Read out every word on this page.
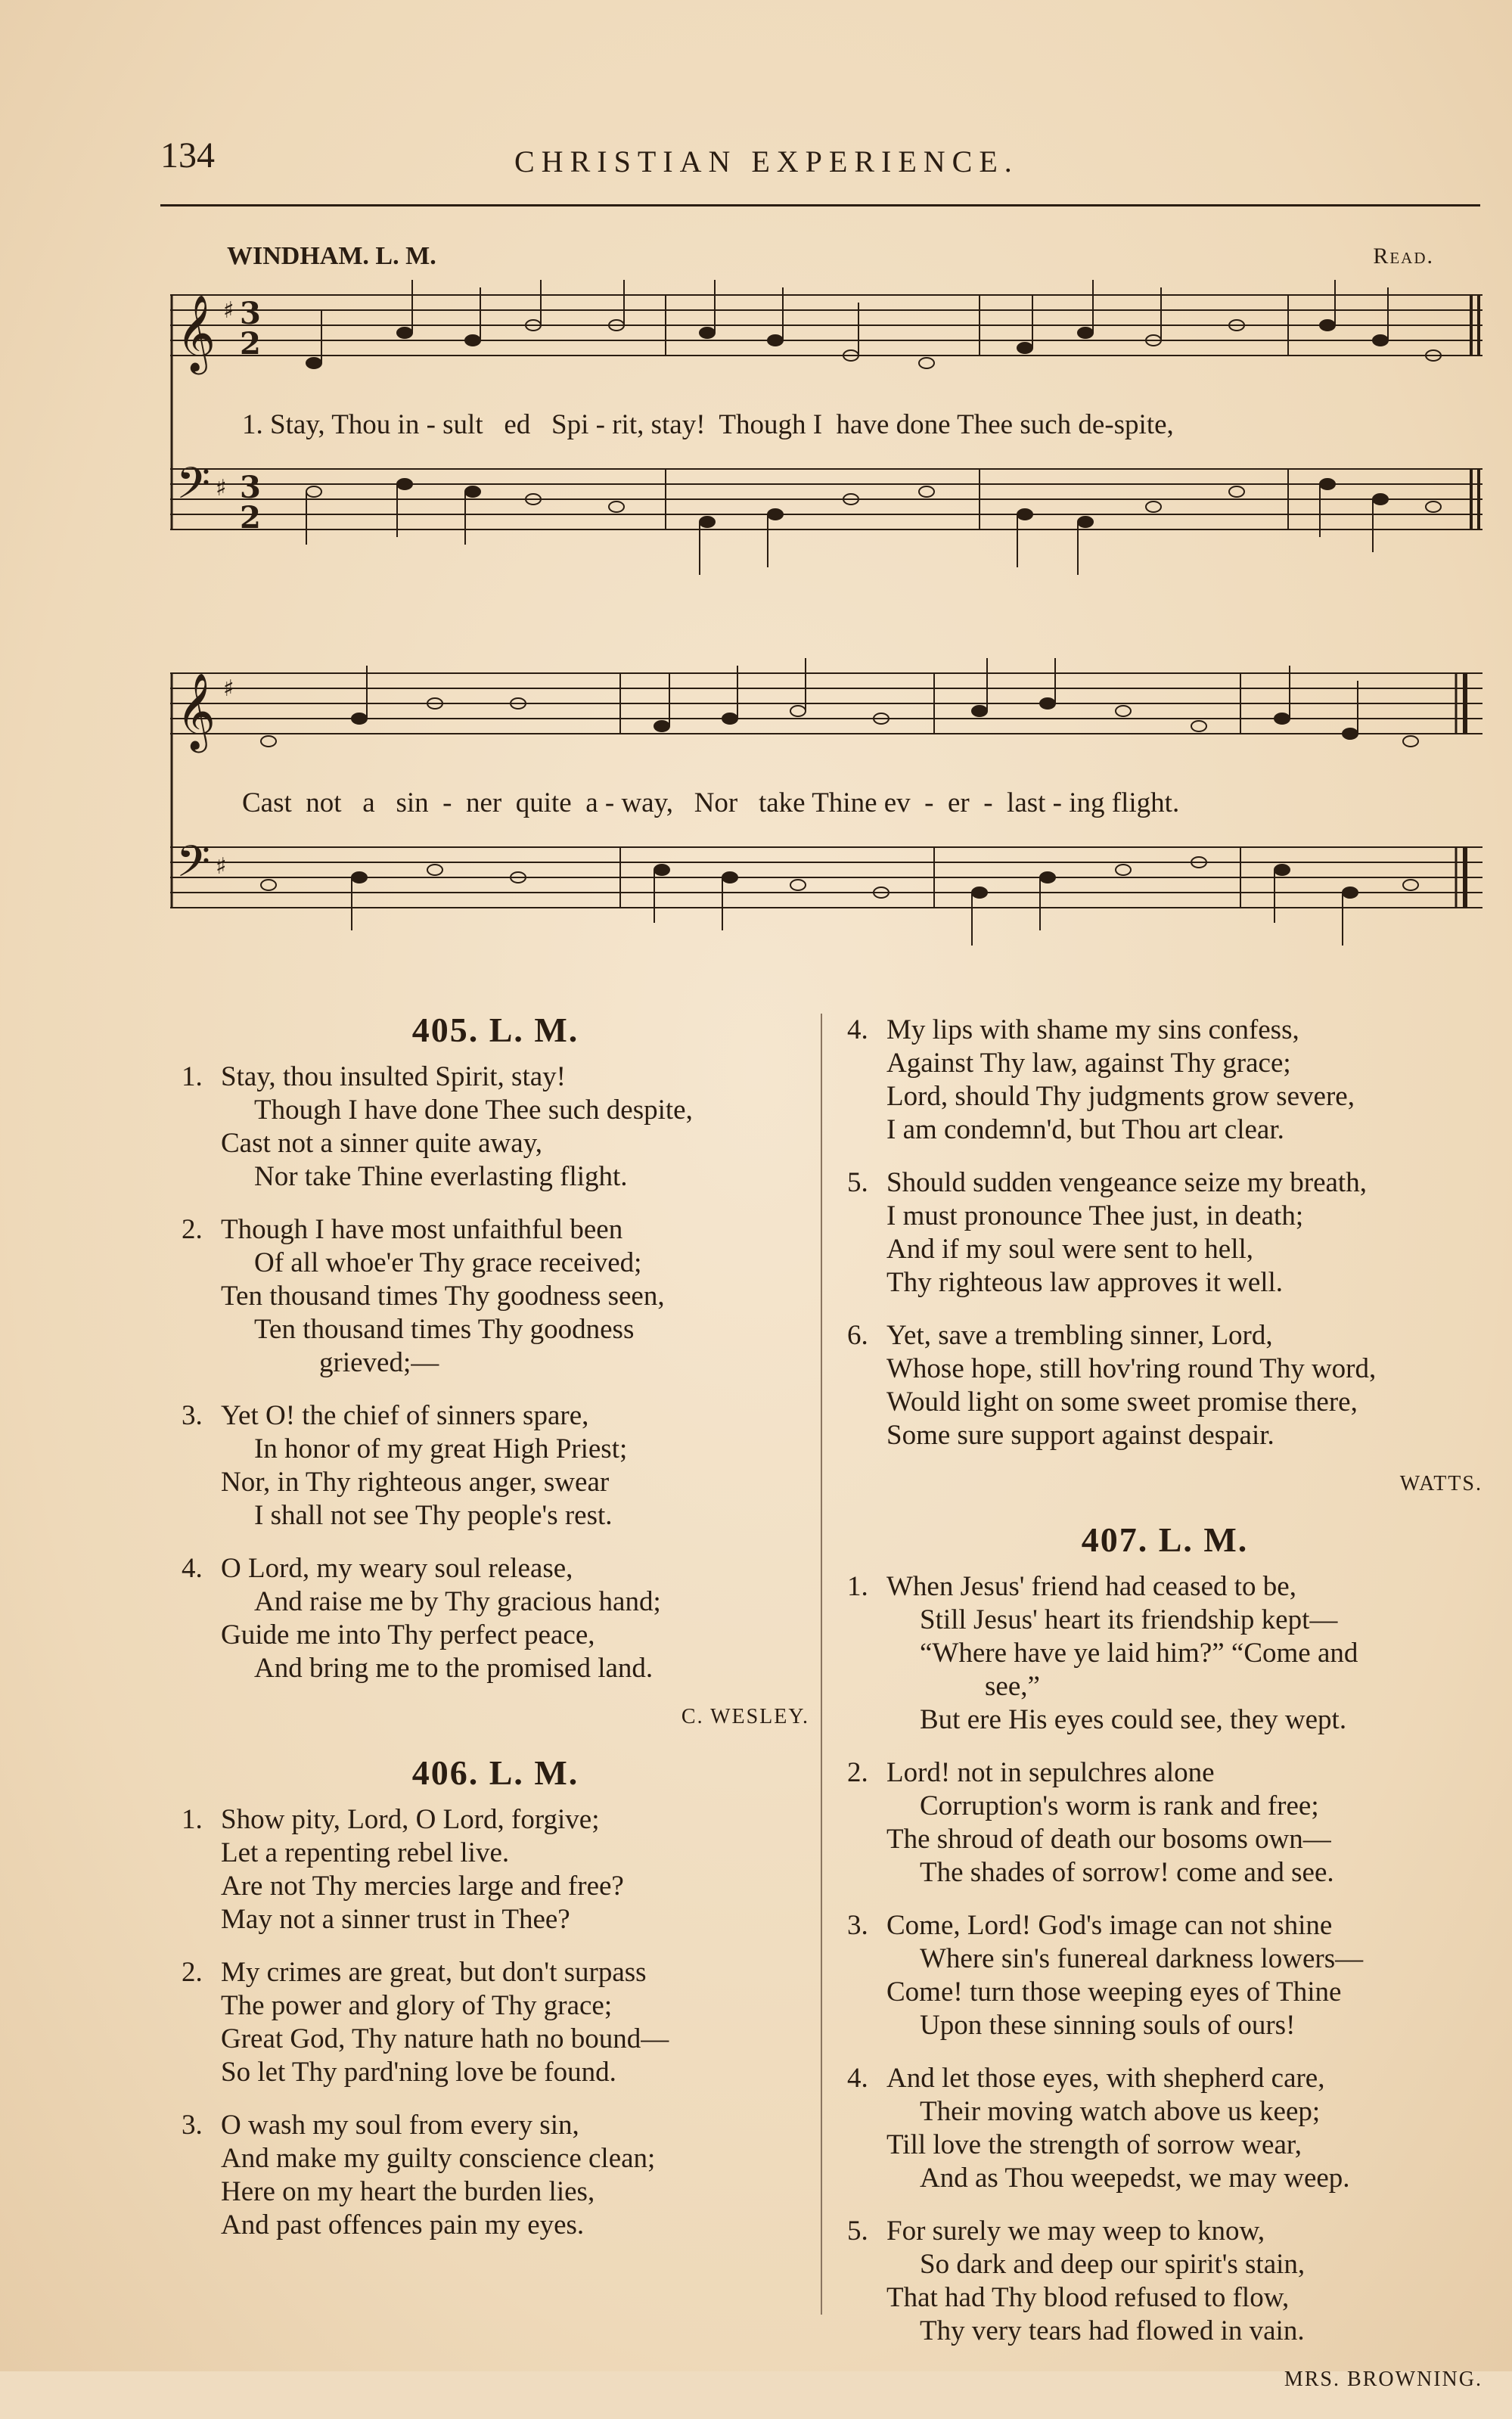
134	CHRISTIAN EXPERIENCE.
WINDHAM. L. M.	Read.
𝄞
𝄢
3
2
3
2
♯
♯
1. Stay, Thou in - sult   ed   Spi - rit, stay!  Though I  have done Thee such de-spite,
𝄞
𝄢
♯
♯
Cast  not   a   sin  -  ner  quite  a - way,   Nor   take Thine ev  -  er  -  last - ing flight.
405. L. M.
1. Stay, thou insulted Spirit, stay!
Though I have done Thee such despite,
Cast not a sinner quite away,
Nor take Thine everlasting flight.
2. Though I have most unfaithful been
Of all whoe'er Thy grace received;
Ten thousand times Thy goodness seen,
Ten thousand times Thy goodness
grieved;—
3. Yet O! the chief of sinners spare,
In honor of my great High Priest;
Nor, in Thy righteous anger, swear
I shall not see Thy people's rest.
4. O Lord, my weary soul release,
And raise me by Thy gracious hand;
Guide me into Thy perfect peace,
And bring me to the promised land.
C. WESLEY.
406. L. M.
1. Show pity, Lord, O Lord, forgive;
Let a repenting rebel live.
Are not Thy mercies large and free?
May not a sinner trust in Thee?
2. My crimes are great, but don't surpass
The power and glory of Thy grace;
Great God, Thy nature hath no bound—
So let Thy pard'ning love be found.
3. O wash my soul from every sin,
And make my guilty conscience clean;
Here on my heart the burden lies,
And past offences pain my eyes.
4. My lips with shame my sins confess,
Against Thy law, against Thy grace;
Lord, should Thy judgments grow severe,
I am condemn'd, but Thou art clear.
5. Should sudden vengeance seize my breath,
I must pronounce Thee just, in death;
And if my soul were sent to hell,
Thy righteous law approves it well.
6. Yet, save a trembling sinner, Lord,
Whose hope, still hov'ring round Thy word,
Would light on some sweet promise there,
Some sure support against despair.
WATTS.
407. L. M.
1. When Jesus' friend had ceased to be,
Still Jesus' heart its friendship kept—
“Where have ye laid him?” “Come and
see,”
But ere His eyes could see, they wept.
2. Lord! not in sepulchres alone
Corruption's worm is rank and free;
The shroud of death our bosoms own—
The shades of sorrow! come and see.
3. Come, Lord! God's image can not shine
Where sin's funereal darkness lowers—
Come! turn those weeping eyes of Thine
Upon these sinning souls of ours!
4. And let those eyes, with shepherd care,
Their moving watch above us keep;
Till love the strength of sorrow wear,
And as Thou weepedst, we may weep.
5. For surely we may weep to know,
So dark and deep our spirit's stain,
That had Thy blood refused to flow,
Thy very tears had flowed in vain.
MRS. BROWNING.
